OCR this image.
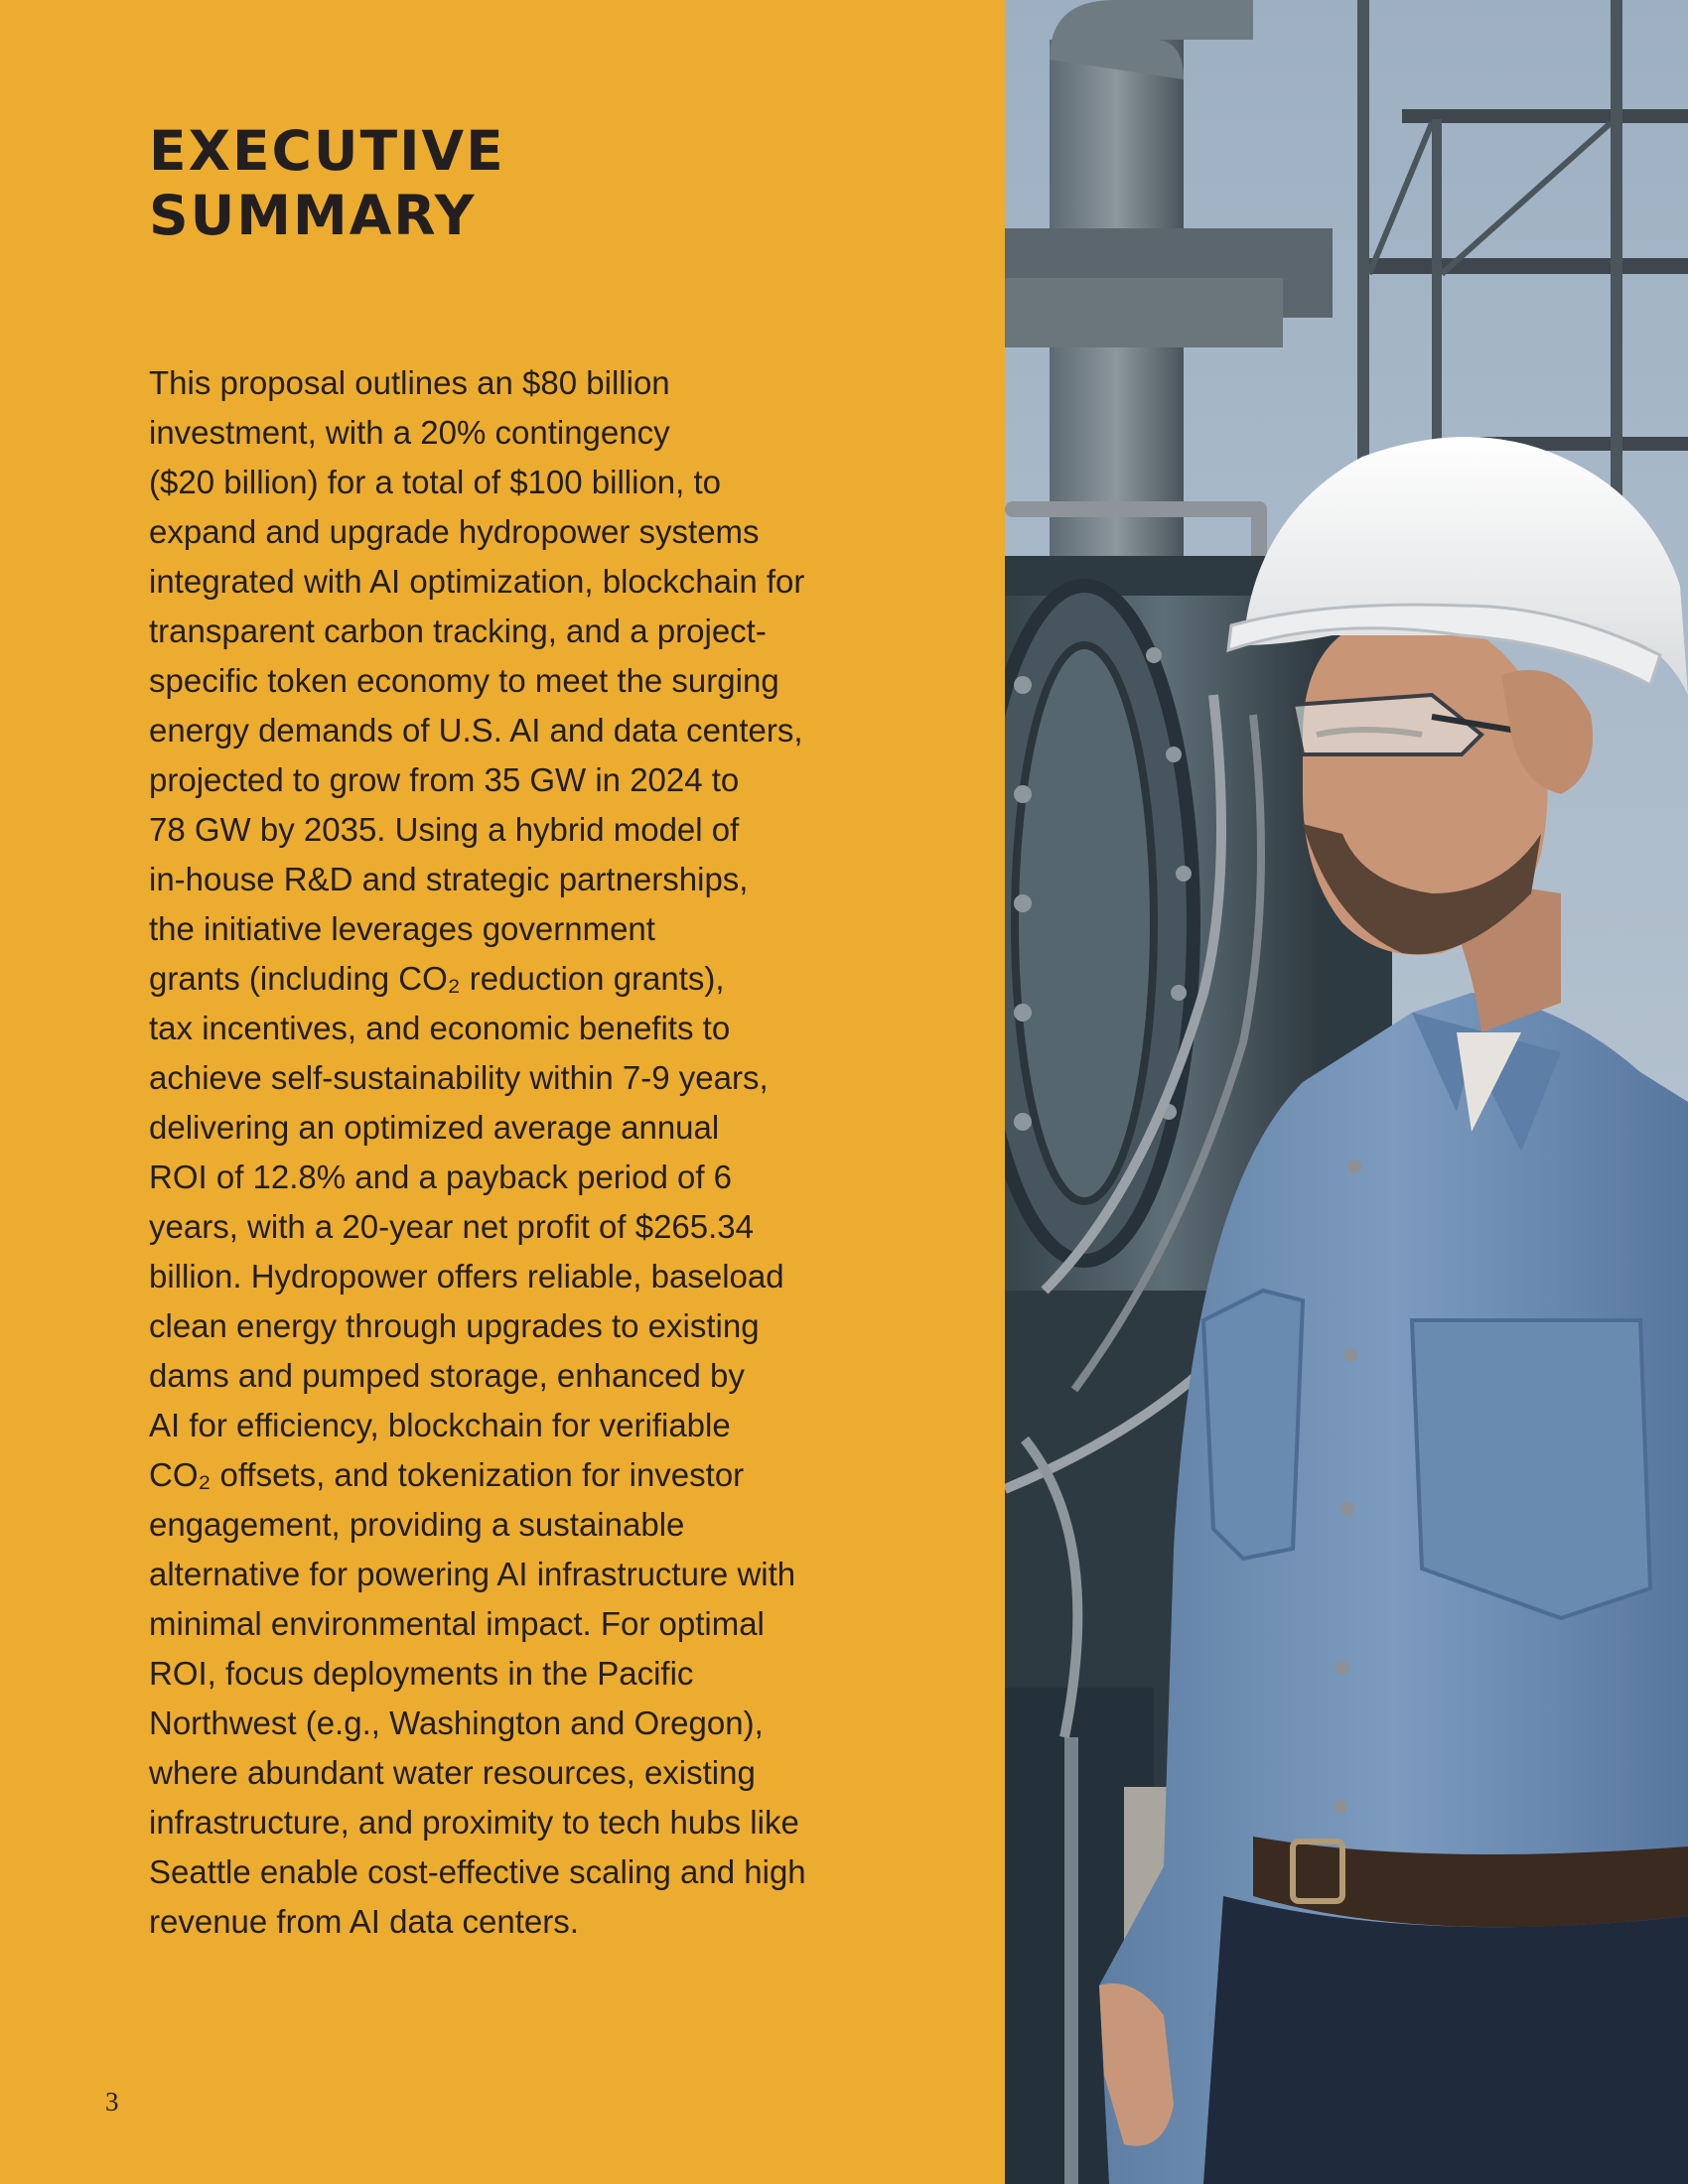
EXECUTIVE
SUMMARY

This proposal outlines an $80 billion
investment, with a 20% contingency
($20 billion) for a total of $100 billion, to
expand and upgrade hydropower systems
integrated with AI optimization, blockchain for
transparent carbon tracking, and a project-
specific token economy to meet the surging
energy demands of U.S. AI and data centers,
projected to grow from 35 GW in 2024 to
78 GW by 2035. Using a hybrid model of
in-house R&D and strategic partnerships,
the initiative leverages government
grants (including CO₂ reduction grants),
tax incentives, and economic benefits to
achieve self-sustainability within 7-9 years,
delivering an optimized average annual
ROI of 12.8% and a payback period of 6
years, with a 20-year net profit of $265.34
billion. Hydropower offers reliable, baseload
clean energy through upgrades to existing
dams and pumped storage, enhanced by
AI for efficiency, blockchain for verifiable
CO₂ offsets, and tokenization for investor
engagement, providing a sustainable
alternative for powering AI infrastructure with
minimal environmental impact. For optimal
ROI, focus deployments in the Pacific
Northwest (e.g., Washington and Oregon),
where abundant water resources, existing
infrastructure, and proximity to tech hubs like
Seattle enable cost-effective scaling and high
revenue from AI data centers.

3
